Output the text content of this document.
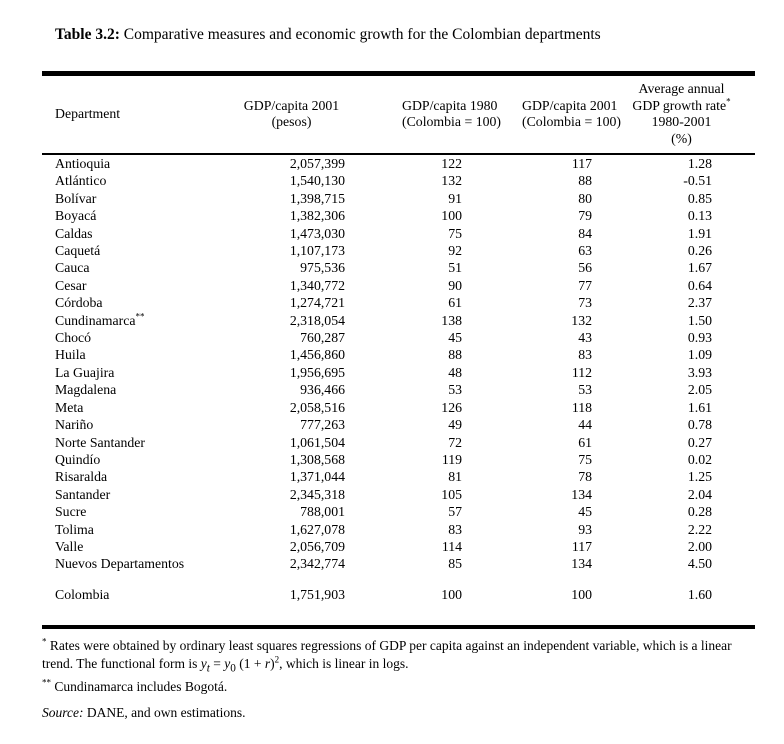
Table 3.2: Comparative measures and economic growth for the Colombian departments
Department	
GDP/capita 2001
(pesos)

GDP/capita 1980
(Colombia = 100)

GDP/capita 2001
(Colombia = 100)

Average annual
GDP growth rate*
1980-2001
(%)

Antioquia	2,057,399	122	117	1.28	
Atlántico	1,540,130	132	88	-0.51	
Bolívar	1,398,715	91	80	0.85	
Boyacá	1,382,306	100	79	0.13	
Caldas	1,473,030	75	84	1.91	
Caquetá	1,107,173	92	63	0.26	
Cauca	975,536	51	56	1.67	
Cesar	1,340,772	90	77	0.64	
Córdoba	1,274,721	61	73	2.37	
Cundinamarca**	2,318,054	138	132	1.50	
Chocó	760,287	45	43	0.93	
Huila	1,456,860	88	83	1.09	
La Guajira	1,956,695	48	112	3.93	
Magdalena	936,466	53	53	2.05	
Meta	2,058,516	126	118	1.61	
Nariño	777,263	49	44	0.78	
Norte Santander	1,061,504	72	61	0.27	
Quindío	1,308,568	119	75	0.02	
Risaralda	1,371,044	81	78	1.25	
Santander	2,345,318	105	134	2.04	
Sucre	788,001	57	45	0.28	
Tolima	1,627,078	83	93	2.22	
Valle	2,056,709	114	117	2.00	
Nuevos Departamentos	2,342,774	85	134	4.50	

Colombia	1,751,903	100	100	1.60	

* Rates were obtained by ordinary least squares regressions of GDP per capita against an independent variable, which is a linear trend. The functional form is $y_t = y_0$ $(1 + r)^2$, which is linear in logs.

** Cundinamarca includes Bogotá.

Source: DANE, and own estimations.
